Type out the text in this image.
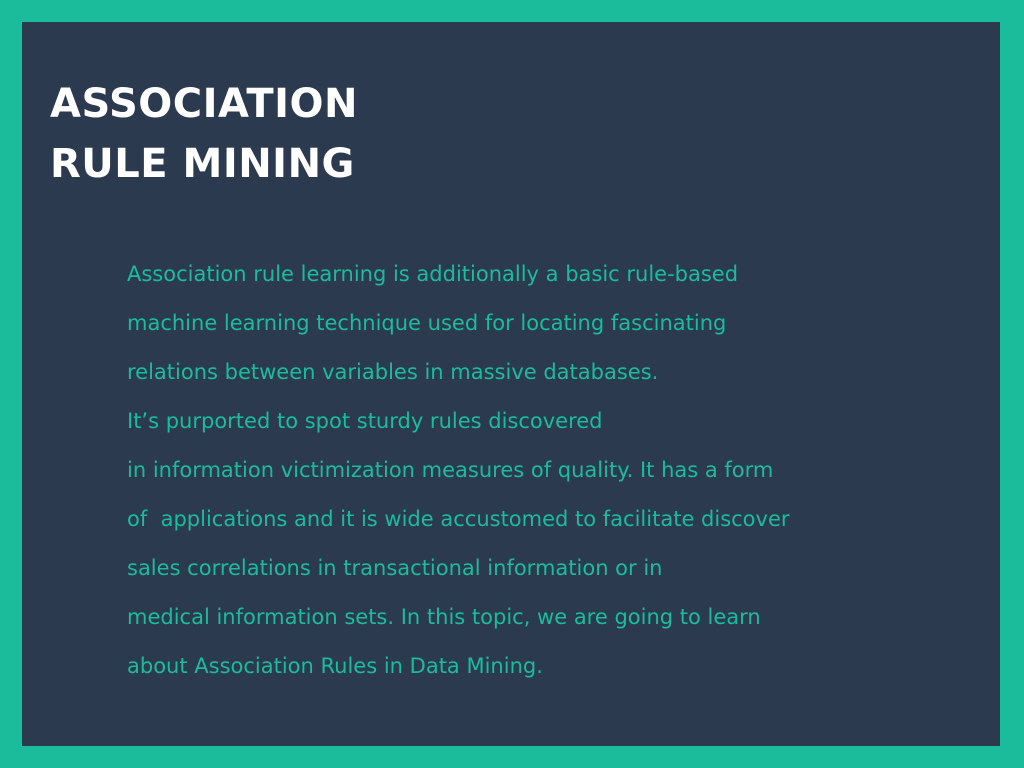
ASSOCIATION
RULE MINING
Association rule learning is additionally a basic rule-based
machine learning technique used for locating fascinating
relations between variables in massive databases.
It’s purported to spot sturdy rules discovered
in information victimization measures of quality. It has a form
of  applications and it is wide accustomed to facilitate discover
sales correlations in transactional information or in
medical information sets. In this topic, we are going to learn
about Association Rules in Data Mining.
